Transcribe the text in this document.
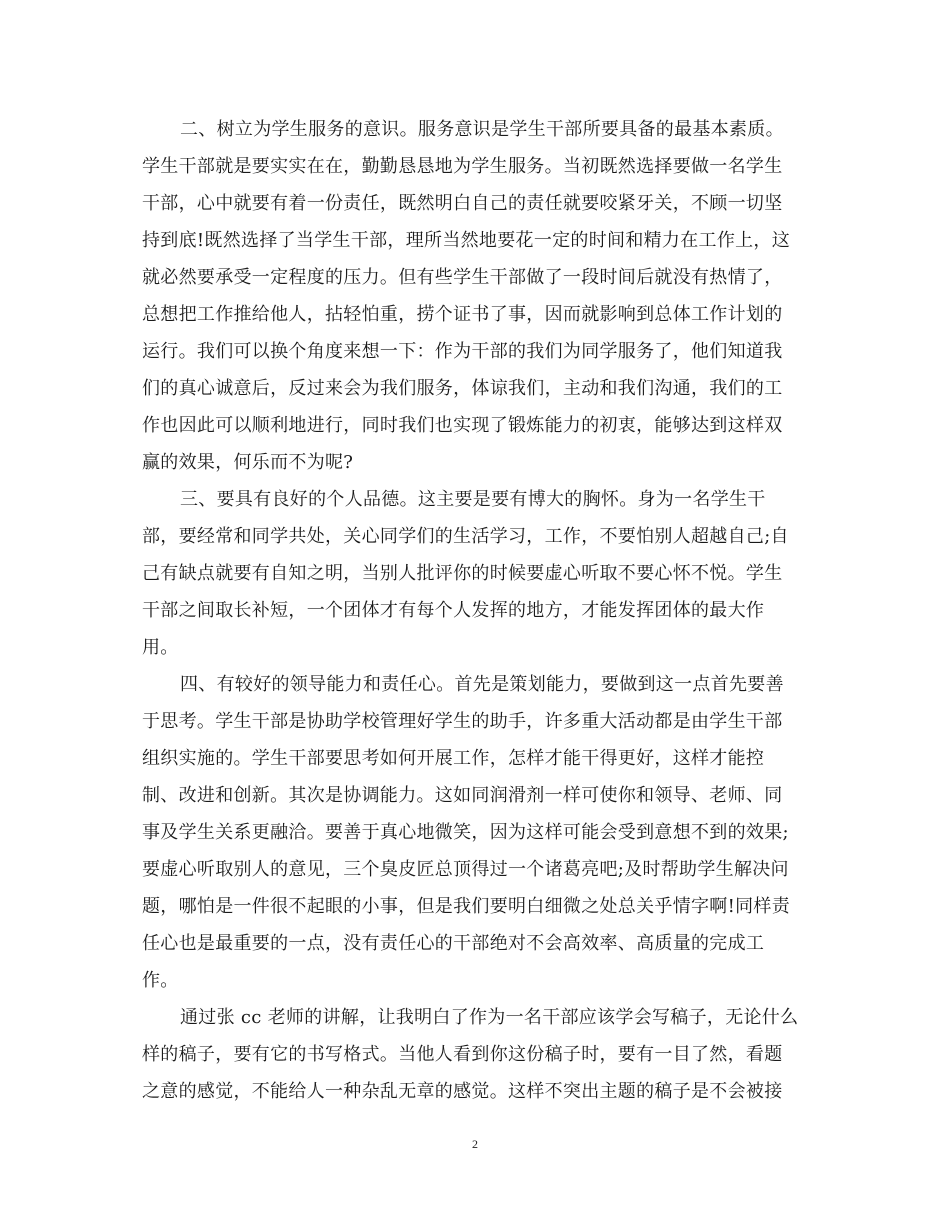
二、树立为学生服务的意识。服务意识是学生干部所要具备的最基本素质。
学生干部就是要实实在在，勤勤恳恳地为学生服务。当初既然选择要做一名学生
干部，心中就要有着一份责任，既然明白自己的责任就要咬紧牙关，不顾一切坚
持到底!既然选择了当学生干部，理所当然地要花一定的时间和精力在工作上，这
就必然要承受一定程度的压力。但有些学生干部做了一段时间后就没有热情了，
总想把工作推给他人，拈轻怕重，捞个证书了事，因而就影响到总体工作计划的
运行。我们可以换个角度来想一下：作为干部的我们为同学服务了，他们知道我
们的真心诚意后，反过来会为我们服务，体谅我们，主动和我们沟通，我们的工
作也因此可以顺利地进行，同时我们也实现了锻炼能力的初衷，能够达到这样双
赢的效果，何乐而不为呢?
三、要具有良好的个人品德。这主要是要有博大的胸怀。身为一名学生干
部，要经常和同学共处，关心同学们的生活学习，工作，不要怕别人超越自己;自
己有缺点就要有自知之明，当别人批评你的时候要虚心听取不要心怀不悦。学生
干部之间取长补短，一个团体才有每个人发挥的地方，才能发挥团体的最大作
用。
四、有较好的领导能力和责任心。首先是策划能力，要做到这一点首先要善
于思考。学生干部是协助学校管理好学生的助手，许多重大活动都是由学生干部
组织实施的。学生干部要思考如何开展工作，怎样才能干得更好，这样才能控
制、改进和创新。其次是协调能力。这如同润滑剂一样可使你和领导、老师、同
事及学生关系更融洽。要善于真心地微笑，因为这样可能会受到意想不到的效果;
要虚心听取别人的意见，三个臭皮匠总顶得过一个诸葛亮吧;及时帮助学生解决问
题，哪怕是一件很不起眼的小事，但是我们要明白细微之处总关乎情字啊!同样责
任心也是最重要的一点，没有责任心的干部绝对不会高效率、高质量的完成工
作。
通过张 cc 老师的讲解，让我明白了作为一名干部应该学会写稿子，无论什么
样的稿子，要有它的书写格式。当他人看到你这份稿子时，要有一目了然，看题
之意的感觉，不能给人一种杂乱无章的感觉。这样不突出主题的稿子是不会被接
2
